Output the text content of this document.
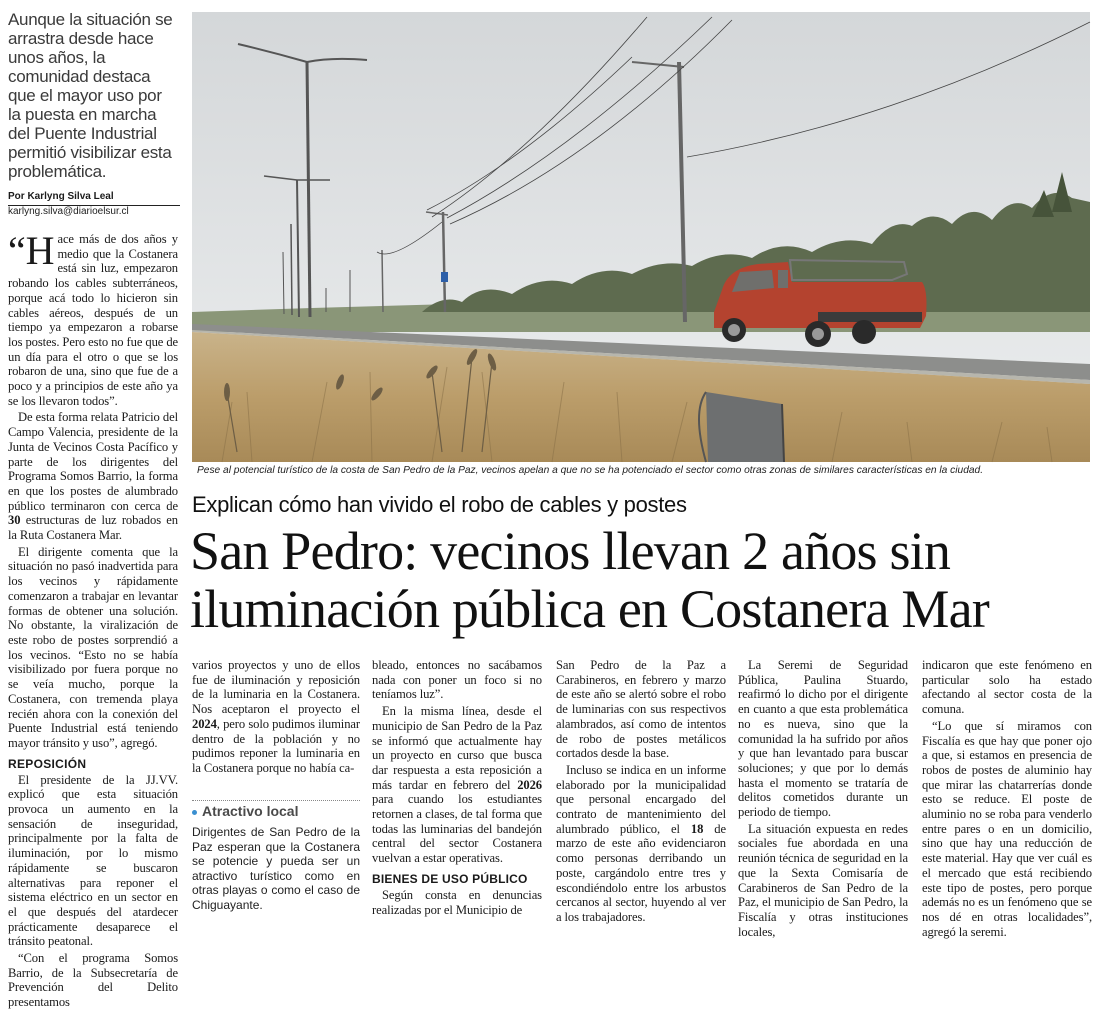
Aunque la situación se arrastra desde hace unos años, la comunidad destaca que el mayor uso por la puesta en marcha del Puente Industrial permitió visibilizar esta problemática.
Por Karlyng Silva Leal
karlyng.silva@diarioelsur.cl

“Hace más de dos años y medio que la Costanera está sin luz, empezaron robando los cables subterráneos, porque acá todo lo hicieron sin cables aéreos, después de un tiempo ya empezaron a robarse los postes. Pero esto no fue que de un día para el otro o que se los robaron de una, sino que fue de a poco y a principios de este año ya se los llevaron todos”.

De esta forma relata Patricio del Campo Valencia, presidente de la Junta de Vecinos Costa Pacífico y parte de los dirigentes del Programa Somos Barrio, la forma en que los postes de alumbrado público terminaron con cerca de 30 estructuras de luz robados en la Ruta Costanera Mar.

El dirigente comenta que la situación no pasó inadvertida para los vecinos y rápidamente comenzaron a trabajar en levantar formas de obtener una solución. No obstante, la viralización de este robo de postes sorprendió a los vecinos. “Esto no se había visibilizado por fuera porque no se veía mucho, porque la Costanera, con tremenda playa recién ahora con la conexión del Puente Industrial está teniendo mayor tránsito y uso”, agregó.

REPOSICIÓN

El presidente de la JJ.VV. explicó que esta situación provoca un aumento en la sensación de inseguridad, principalmente por la falta de iluminación, por lo mismo rápidamente se buscaron alternativas para reponer el sistema eléctrico en un sector en el que después del atardecer prácticamente desaparece el tránsito peatonal.

“Con el programa Somos Barrio, de la Subsecretaría de Prevención del Delito presentamos

Pese al potencial turístico de la costa de San Pedro de la Paz, vecinos apelan a que no se ha potenciado el sector como otras zonas de similares características en la ciudad.
Explican cómo han vivido el robo de cables y postes
San Pedro: vecinos llevan 2 años sin
iluminación pública en Costanera Mar

varios proyectos y uno de ellos fue de iluminación y reposición de la luminaria en la Costanera. Nos aceptaron el proyecto el 2024, pero solo pudimos iluminar dentro de la población y no pudimos reponer la luminaria en la Costanera porque no había ca-

Atractivo local
Dirigentes de San Pedro de la Paz esperan que la Costanera se potencie y pueda ser un atractivo turístico como en otras playas o como el caso de Chiguayante.

bleado, entonces no sacábamos nada con poner un foco si no teníamos luz”.

En la misma línea, desde el municipio de San Pedro de la Paz se informó que actualmente hay un proyecto en curso que busca dar respuesta a esta reposición a más tardar en febrero del 2026 para cuando los estudiantes retornen a clases, de tal forma que todas las luminarias del bandejón central del sector Costanera vuelvan a estar operativas.

BIENES DE USO PÚBLICO

Según consta en denuncias realizadas por el Municipio de

San Pedro de la Paz a Carabineros, en febrero y marzo de este año se alertó sobre el robo de luminarias con sus respectivos alambrados, así como de intentos de robo de postes metálicos cortados desde la base.

Incluso se indica en un informe elaborado por la municipalidad que personal encargado del contrato de mantenimiento del alumbrado público, el 18 de marzo de este año evidenciaron como personas derribando un poste, cargándolo entre tres y escondiéndolo entre los arbustos cercanos al sector, huyendo al ver a los trabajadores.

La Seremi de Seguridad Pública, Paulina Stuardo, reafirmó lo dicho por el dirigente en cuanto a que esta problemática no es nueva, sino que la comunidad la ha sufrido por años y que han levantado para buscar soluciones; y que por lo demás hasta el momento se trataría de delitos cometidos durante un periodo de tiempo.

La situación expuesta en redes sociales fue abordada en una reunión técnica de seguridad en la que la Sexta Comisaría de Carabineros de San Pedro de la Paz, el municipio de San Pedro, la Fiscalía y otras instituciones locales,

indicaron que este fenómeno en particular solo ha estado afectando al sector costa de la comuna.

“Lo que sí miramos con Fiscalía es que hay que poner ojo a que, si estamos en presencia de robos de postes de aluminio hay que mirar las chatarrerías donde esto se reduce. El poste de aluminio no se roba para venderlo entre pares o en un domicilio, sino que hay una reducción de este material. Hay que ver cuál es el mercado que está recibiendo este tipo de postes, pero porque además no es un fenómeno que se nos dé en otras localidades”, agregó la seremi.
